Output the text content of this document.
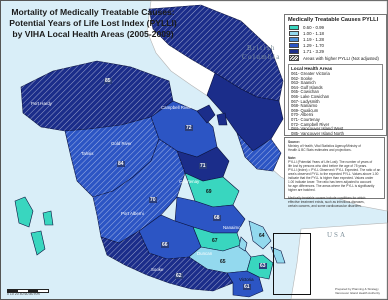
Mortality of Medically Treatable Causes:
Potential Years of Life Lost Index (PYLLI)
by VIHA Local Health Areas (2005-2009)
British
Columbia
USA
85
72
84	71
70
69
68
67
66
65
64
62
63
61
Port Hardy
Campbell River
Gold River
Tahsis
Courtenay
Port Alberni
Nanaimo
Duncan
Sooke
Victoria
Medically Treatable Causes PYLLI
0.60 - 0.99
1.00 - 1.18
1.19 - 1.28
1.29 - 1.70
1.71 - 3.29
Areas with higher PYLLI (Not adjusted)
Local Health Areas
061- Greater Victoria
062- Sooke
063- Saanich
064- Gulf Islands
065- Cowichan
066- Lake Cowichan
067- Ladysmith
068- Nanaimo
069- Qualicum
070- Alberni
071- Courtenay
072- Campbell River
084- Vancouver Island West
085- Vancouver Island North
Source:
Ministry of Health, Vital Statistics Agency/Ministry of
Health & BC Stats estimates and projections.
Note:
PYLLI (Potential Years of Life Lost): The number of years of
life lost by persons who died before the age of 75 years.
PYLLI (Index) = PYLL Observed / PYLL Expected. The ratio of an
area's observed PYLL to the expected PYLL. Values above 1.00
indicate that the PYLL is higher than expected. Values under
1.00 indicate lower. The ratio has been adjusted to account
for age differences. The areas where the PYLL is significantly
higher are hatched.
Medically treatable causes include conditions for which
effective treatment exists, such as infectious diseases,
certain cancers, and some cardiovascular disorders.
0 10 20 40 60 80 Km
Prepared by Planning & Strategy
Vancouver Island Health Authority
